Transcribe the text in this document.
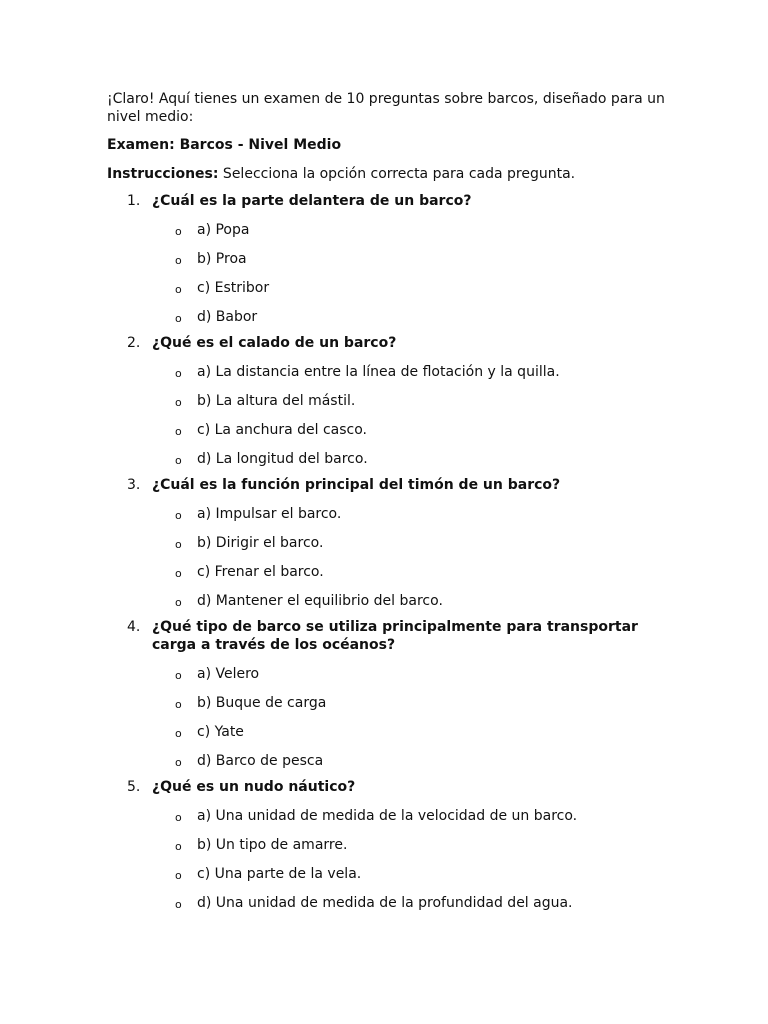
¡Claro! Aquí tienes un examen de 10 preguntas sobre barcos, diseñado para un nivel medio:

Examen: Barcos - Nivel Medio

Instrucciones: Selecciona la opción correcta para cada pregunta.

1. ¿Cuál es la parte delantera de un barco?
o a) Popa
o b) Proa
o c) Estribor
o d) Babor
2. ¿Qué es el calado de un barco?
o a) La distancia entre la línea de flotación y la quilla.
o b) La altura del mástil.
o c) La anchura del casco.
o d) La longitud del barco.
3. ¿Cuál es la función principal del timón de un barco?
o a) Impulsar el barco.
o b) Dirigir el barco.
o c) Frenar el barco.
o d) Mantener el equilibrio del barco.
4. ¿Qué tipo de barco se utiliza principalmente para transportar carga a través de los océanos?
o a) Velero
o b) Buque de carga
o c) Yate
o d) Barco de pesca
5. ¿Qué es un nudo náutico?
o a) Una unidad de medida de la velocidad de un barco.
o b) Un tipo de amarre.
o c) Una parte de la vela.
o d) Una unidad de medida de la profundidad del agua.
